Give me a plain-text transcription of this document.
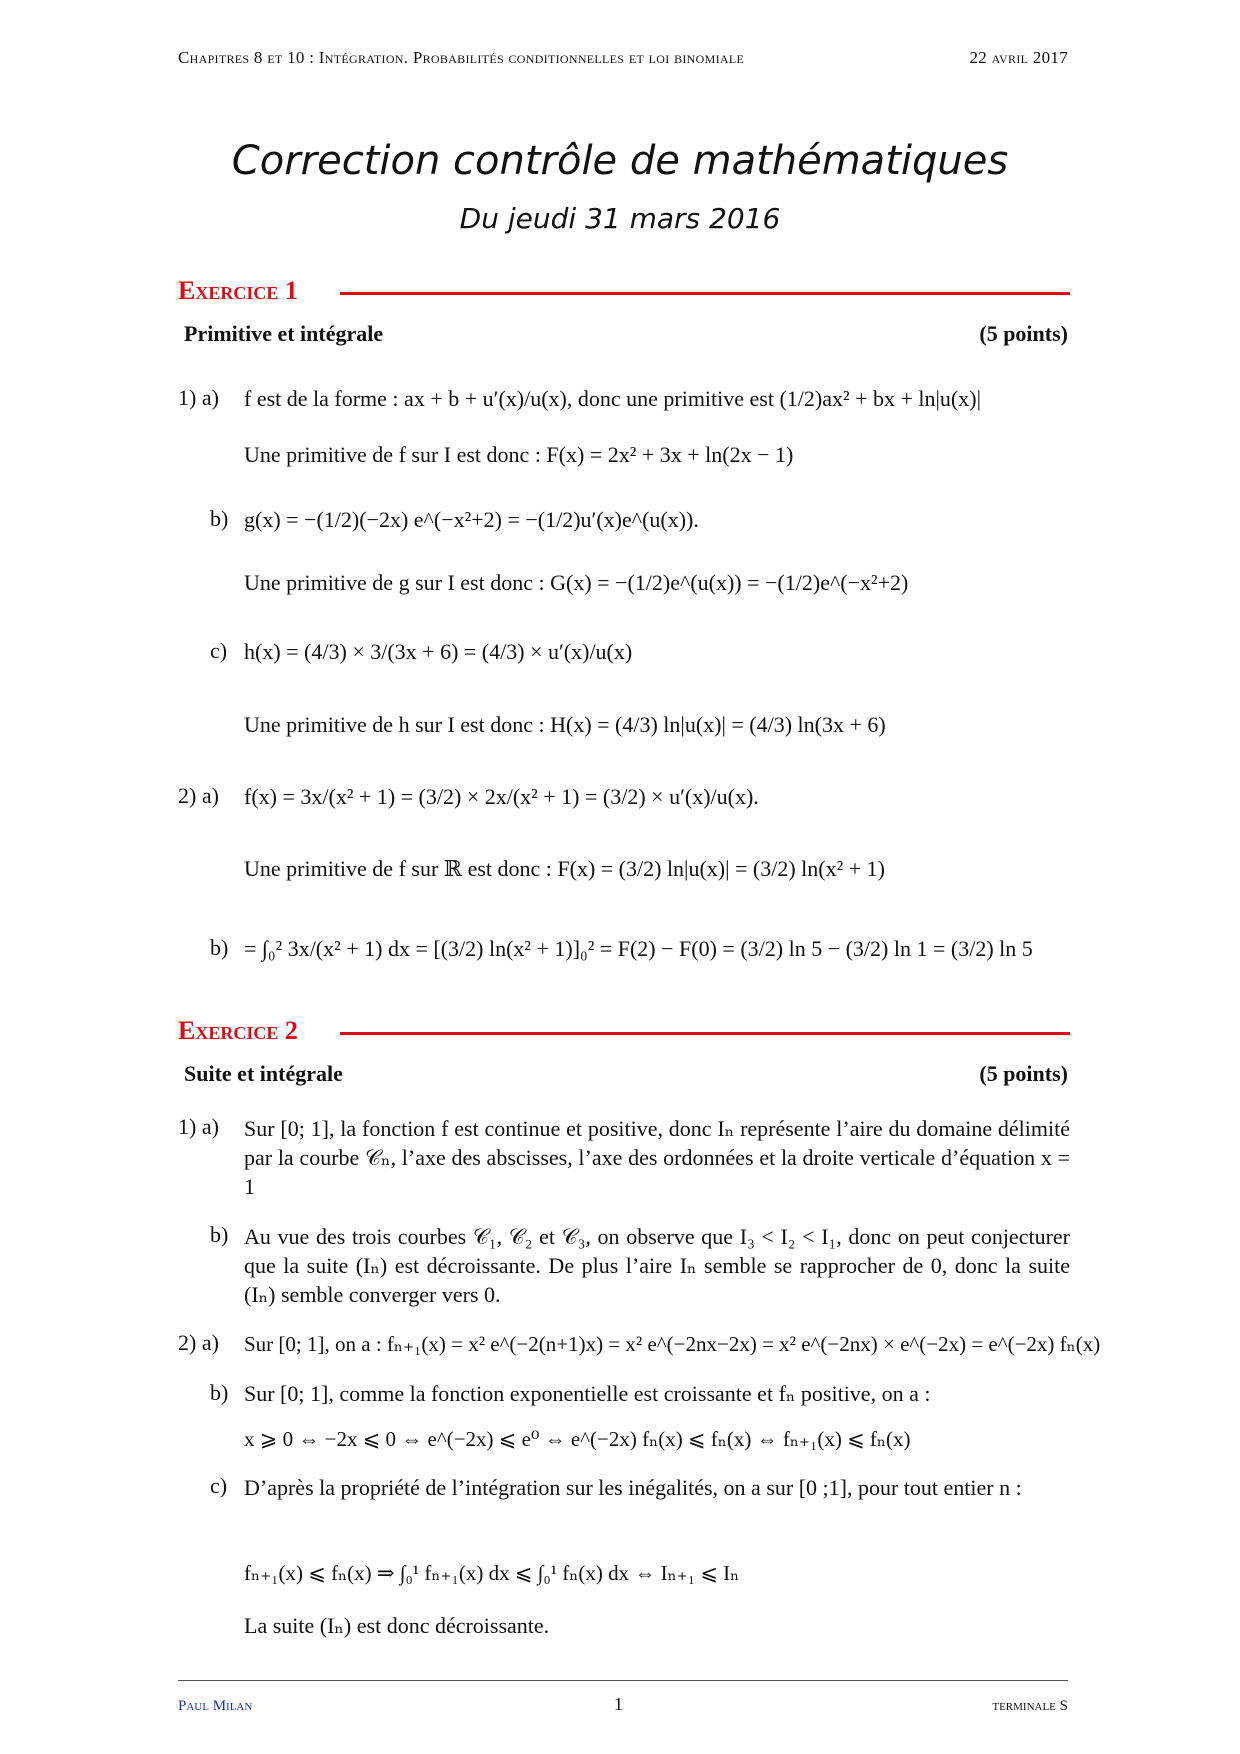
Chapitres 8 et 10 : Intégration. Probabilités conditionnelles et loi binomiale	22 avril 2017
Correction contrôle de mathématiques
Du jeudi 31 mars 2016
Exercice 1
Primitive et intégrale	(5 points)
1) a) f est de la forme : ax + b + u′(x)/u(x), donc une primitive est (1/2)ax² + bx + ln|u(x)|
Une primitive de f sur I est donc : F(x) = 2x² + 3x + ln(2x − 1)
b) g(x) = −(1/2)(−2x) e^(−x²+2) = −(1/2)u′(x)e^(u(x)).
Une primitive de g sur I est donc : G(x) = −(1/2)e^(u(x)) = −(1/2)e^(−x²+2)
c) h(x) = (4/3) × 3/(3x + 6) = (4/3) × u′(x)/u(x)
Une primitive de h sur I est donc : H(x) = (4/3) ln|u(x)| = (4/3) ln(3x + 6)
2) a) f(x) = 3x/(x² + 1) = (3/2) × 2x/(x² + 1) = (3/2) × u′(x)/u(x).
Une primitive de f sur ℝ est donc : F(x) = (3/2) ln|u(x)| = (3/2) ln(x² + 1)
b) = ∫₀² 3x/(x² + 1) dx = [(3/2) ln(x² + 1)]₀² = F(2) − F(0) = (3/2) ln 5 − (3/2) ln 1 = (3/2) ln 5
Exercice 2
Suite et intégrale	(5 points)
1) a) Sur [0; 1], la fonction f est continue et positive, donc Iₙ représente l’aire du domaine délimité par la courbe 𝒞ₙ, l’axe des abscisses, l’axe des ordonnées et la droite verticale d’équation x = 1
b) Au vue des trois courbes 𝒞₁, 𝒞₂ et 𝒞₃, on observe que I₃ < I₂ < I₁, donc on peut conjecturer que la suite (Iₙ) est décroissante. De plus l’aire Iₙ semble se rapprocher de 0, donc la suite (Iₙ) semble converger vers 0.
2) a) Sur [0; 1], on a : fₙ₊₁(x) = x² e^(−2(n+1)x) = x² e^(−2nx−2x) = x² e^(−2nx) × e^(−2x) = e^(−2x) fₙ(x)
b) Sur [0; 1], comme la fonction exponentielle est croissante et fₙ positive, on a :
x ⩾ 0 ⇔ −2x ⩽ 0 ⇔ e^(−2x) ⩽ e⁰ ⇔ e^(−2x) fₙ(x) ⩽ fₙ(x) ⇔ fₙ₊₁(x) ⩽ fₙ(x)
c) D’après la propriété de l’intégration sur les inégalités, on a sur [0 ;1], pour tout entier n :
fₙ₊₁(x) ⩽ fₙ(x) ⇒ ∫₀¹ fₙ₊₁(x) dx ⩽ ∫₀¹ fₙ(x) dx ⇔ Iₙ₊₁ ⩽ Iₙ
La suite (Iₙ) est donc décroissante.
Paul Milan	1	terminale S
